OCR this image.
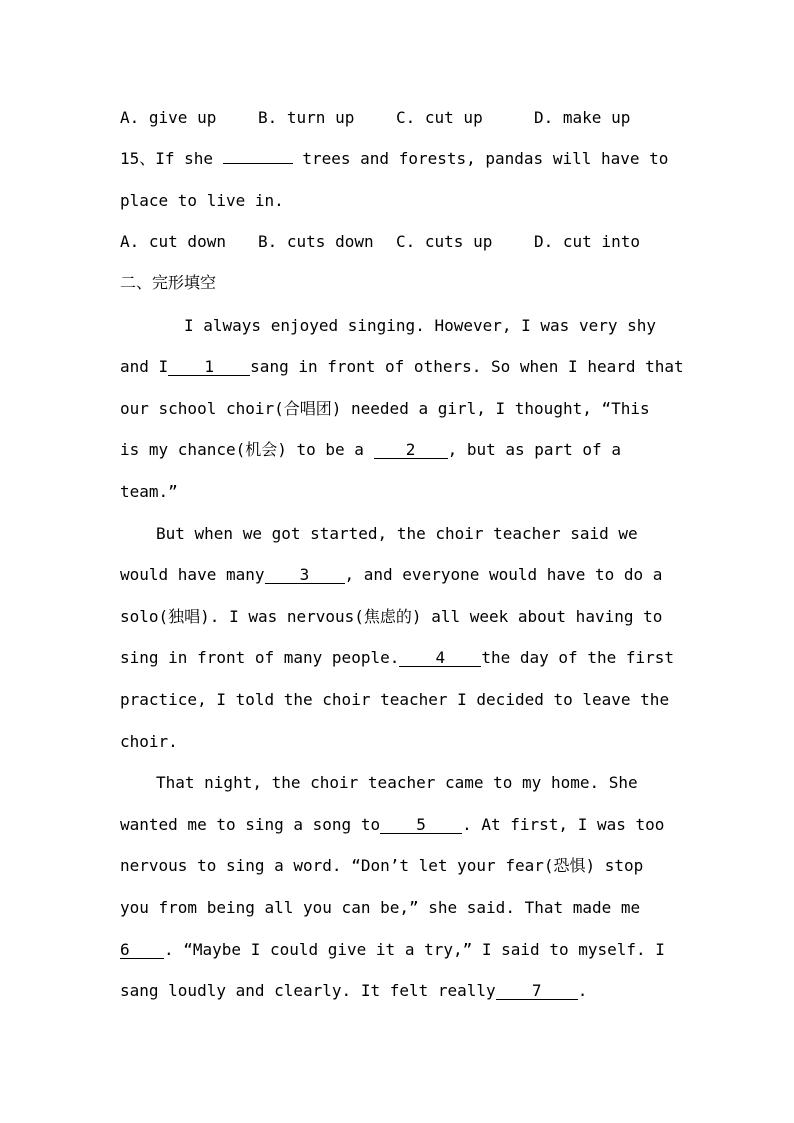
A. give up	B. turn up	C. cut up	D. make up
15、If she	trees and forests, pandas will have to
place to live in.
A. cut down	B. cuts down	C. cuts up	D. cut into
二、完形填空
I always enjoyed singing. However, I was very shy
and I 1 sang in front of others. So when I heard that
our school choir(合唱团) needed a girl, I thought, “This
is my chance(机会) to be a 2 , but as part of a
team.”
But when we got started, the choir teacher said we
would have many 3 , and everyone would have to do a
solo(独唱). I was nervous(焦虑的) all week about having to
sing in front of many people. 4 the day of the first
practice, I told the choir teacher I decided to leave the
choir.
That night, the choir teacher came to my home. She
wanted me to sing a song to 5 . At first, I was too
nervous to sing a word. “Don’t let your fear(恐惧) stop
you from being all you can be,” she said. That made me
6 . “Maybe I could give it a try,” I said to myself. I
sang loudly and clearly. It felt really 7 .
